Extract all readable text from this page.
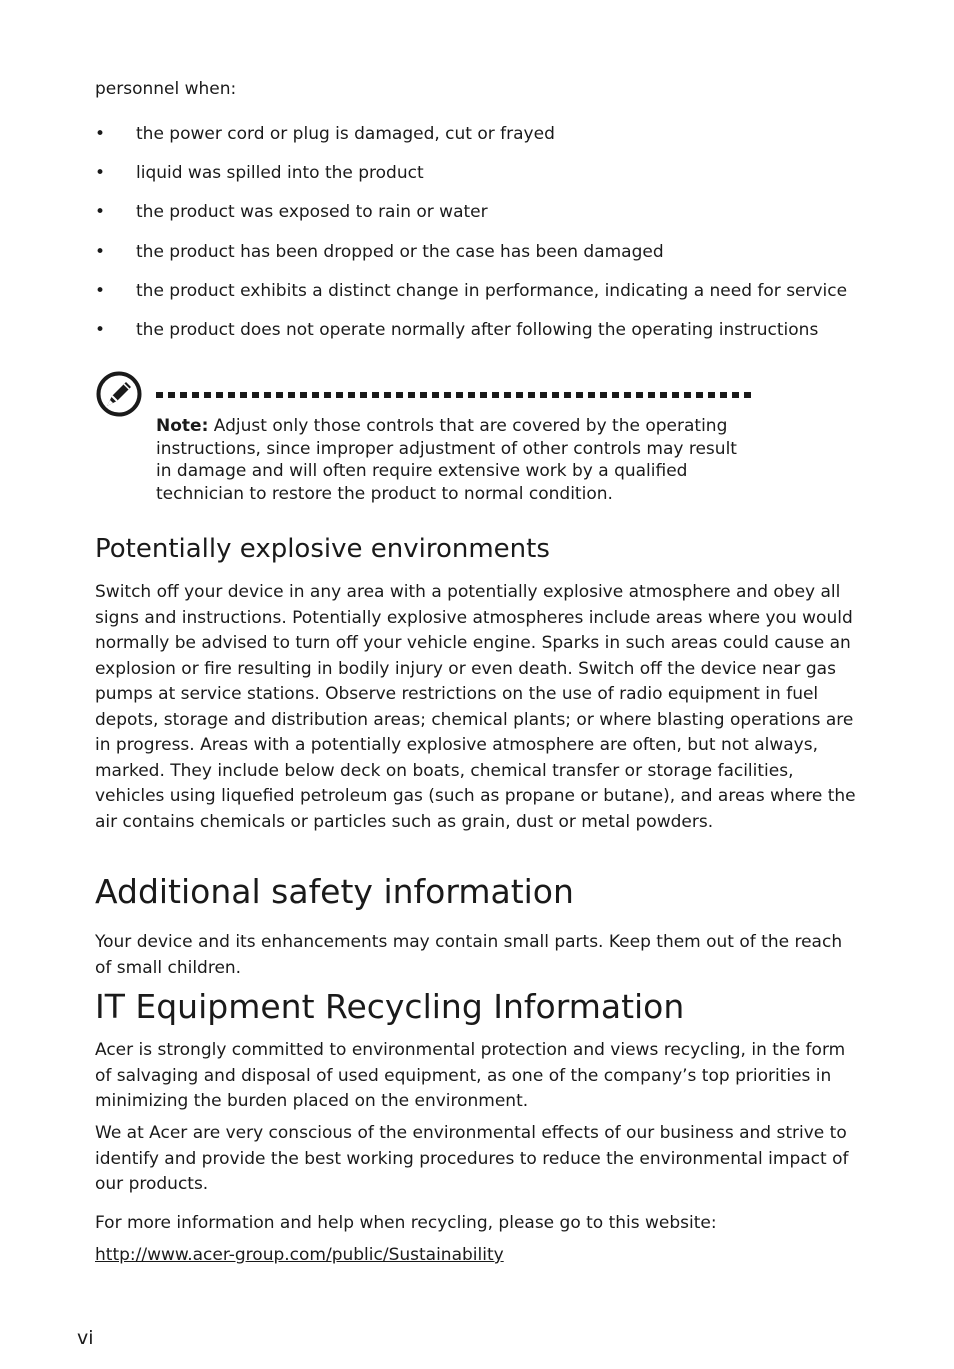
personnel when:

• the power cord or plug is damaged, cut or frayed
• liquid was spilled into the product
• the product was exposed to rain or water
• the product has been dropped or the case has been damaged
• the product exhibits a distinct change in performance, indicating a need for service
• the product does not operate normally after following the operating instructions

Note: Adjust only those controls that are covered by the operating instructions, since improper adjustment of other controls may result in damage and will often require extensive work by a qualified technician to restore the product to normal condition.

Potentially explosive environments

Switch off your device in any area with a potentially explosive atmosphere and obey all signs and instructions. Potentially explosive atmospheres include areas where you would normally be advised to turn off your vehicle engine. Sparks in such areas could cause an explosion or fire resulting in bodily injury or even death. Switch off the device near gas pumps at service stations. Observe restrictions on the use of radio equipment in fuel depots, storage and distribution areas; chemical plants; or where blasting operations are in progress. Areas with a potentially explosive atmosphere are often, but not always, marked. They include below deck on boats, chemical transfer or storage facilities, vehicles using liquefied petroleum gas (such as propane or butane), and areas where the air contains chemicals or particles such as grain, dust or metal powders.

Additional safety information

Your device and its enhancements may contain small parts. Keep them out of the reach of small children.

IT Equipment Recycling Information

Acer is strongly committed to environmental protection and views recycling, in the form of salvaging and disposal of used equipment, as one of the company’s top priorities in minimizing the burden placed on the environment.

We at Acer are very conscious of the environmental effects of our business and strive to identify and provide the best working procedures to reduce the environmental impact of our products.

For more information and help when recycling, please go to this website:

http://www.acer-group.com/public/Sustainability

vi
